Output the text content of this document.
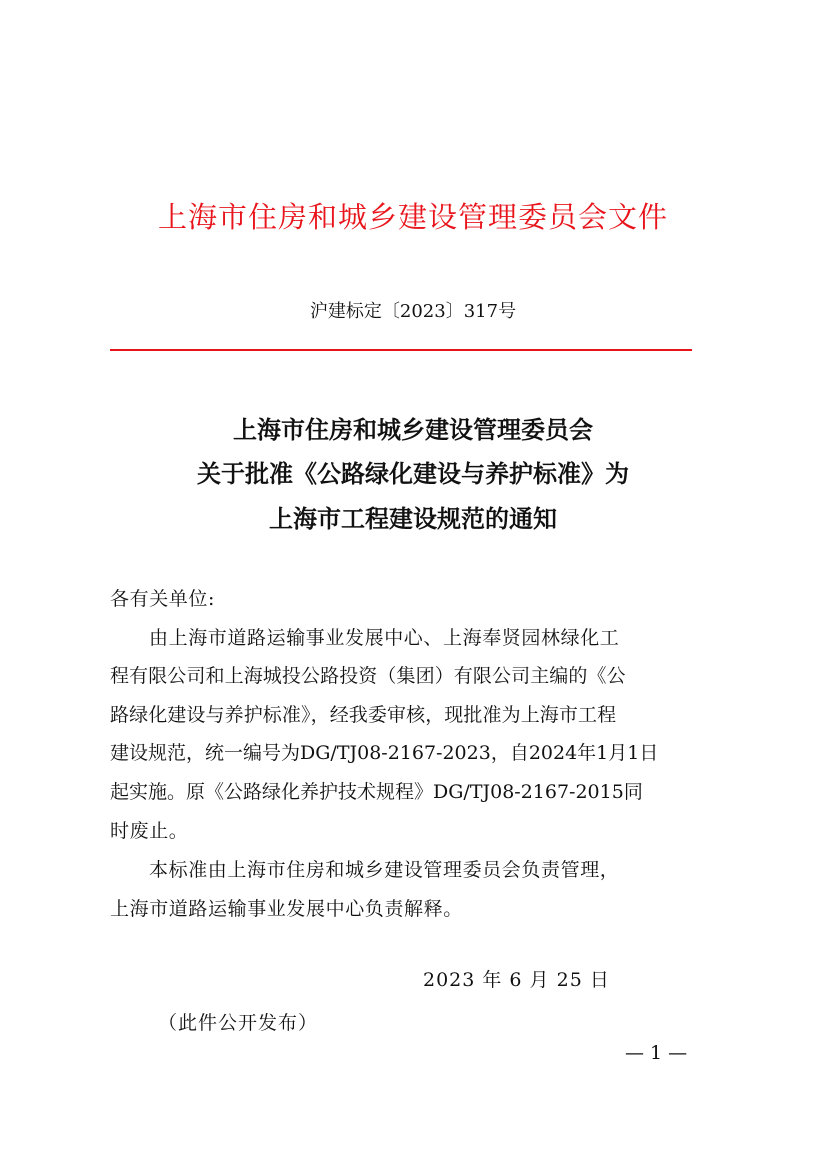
上海市住房和城乡建设管理委员会文件
沪建标定〔2023〕317号
上海市住房和城乡建设管理委员会
关于批准《公路绿化建设与养护标准》为
上海市工程建设规范的通知
各有关单位:
由上海市道路运输事业发展中心、上海奉贤园林绿化工
程有限公司和上海城投公路投资（集团）有限公司主编的《公
路绿化建设与养护标准》，经我委审核，现批准为上海市工程
建设规范，统一编号为DG/TJ08-2167-2023，自2024年1月1日
起实施。原《公路绿化养护技术规程》DG/TJ08-2167-2015同
时废止。
本标准由上海市住房和城乡建设管理委员会负责管理，
上海市道路运输事业发展中心负责解释。
2023 年 6 月 25 日
（此件公开发布）
— 1 —
